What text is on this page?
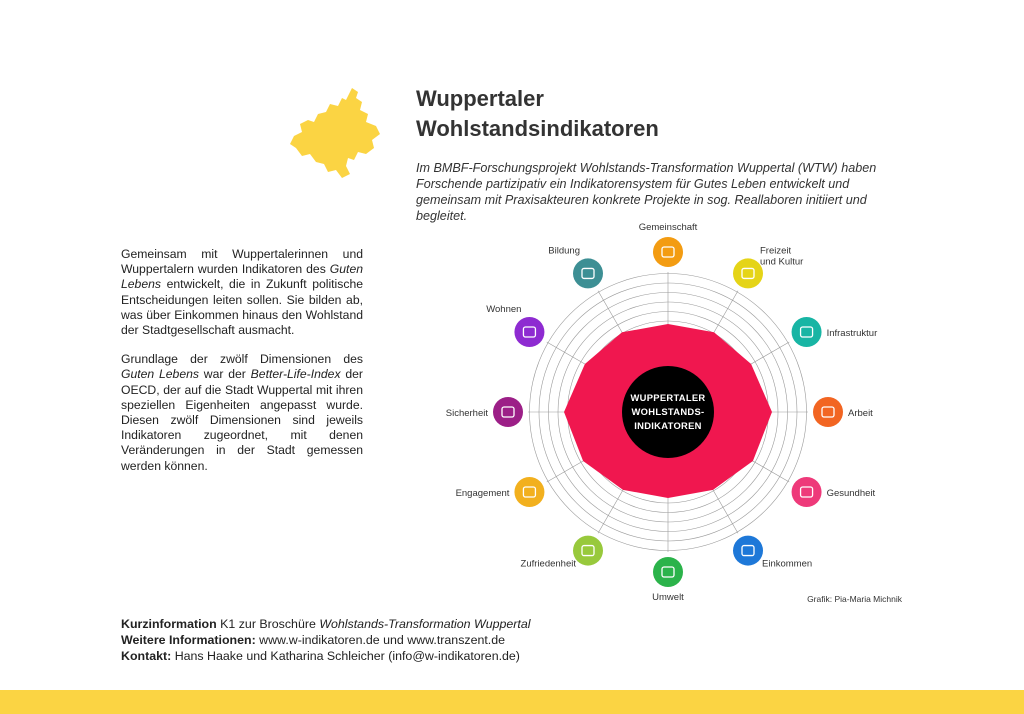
Wuppertaler
Wohlstandsindikatoren
Im BMBF-Forschungsprojekt Wohlstands-Transformation Wuppertal (WTW) haben Forschende partizipativ ein Indikatorensystem für Gutes Leben entwickelt und gemeinsam mit Praxisakteuren konkrete Projekte in sog. Reallaboren initiiert und begleitet.

Gemeinsam mit Wuppertalerinnen und Wuppertalern wurden Indikatoren des Guten Lebens entwickelt, die in Zukunft politische Entscheidungen leiten sollen. Sie bilden ab, was über Einkommen hinaus den Wohlstand der Stadtgesellschaft ausmacht.

Grundlage der zwölf Dimensionen des Guten Lebens war der Better-Life-Index der OECD, der auf die Stadt Wuppertal mit ihren speziellen Eigenheiten angepasst wurde. Diesen zwölf Dimensionen sind jeweils Indikatoren zugeordnet, mit denen Veränderungen in der Stadt gemessen werden können.

WUPPERTALER
WOHLSTANDS-
INDIKATOREN
Gemeinschaft
Freizeit
und Kultur
Infrastruktur
Arbeit
Gesundheit
Einkommen
Umwelt
Zufriedenheit
Engagement
Sicherheit
Wohnen
Bildung
Grafik: Pia-Maria Michnik
Kurzinformation K1 zur Broschüre Wohlstands-Transformation Wuppertal
Weitere Informationen: www.w-indikatoren.de und www.transzent.de
Kontakt: Hans Haake und Katharina Schleicher (info@w-indikatoren.de)
